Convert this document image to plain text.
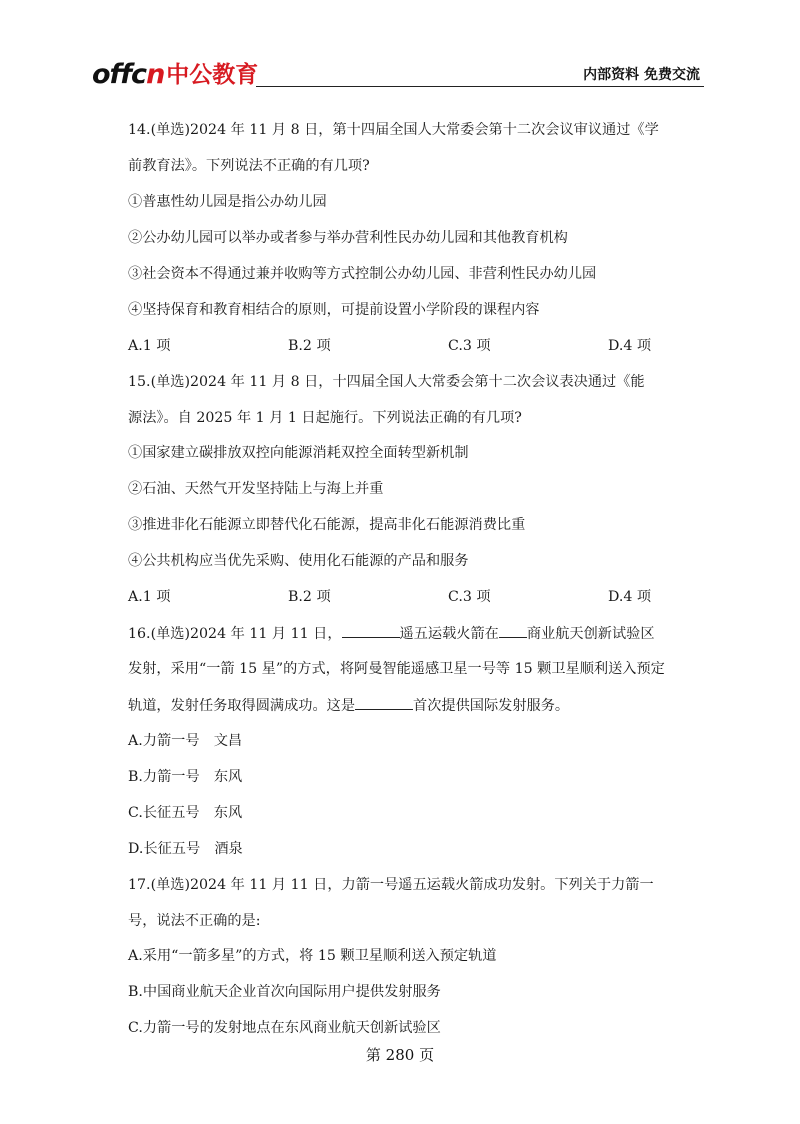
offcn 中公教育	内部资料 免费交流
14.(单选)2024 年 11 月 8 日，第十四届全国人大常委会第十二次会议审议通过《学
前教育法》。下列说法不正确的有几项?
①普惠性幼儿园是指公办幼儿园
②公办幼儿园可以举办或者参与举办营利性民办幼儿园和其他教育机构
③社会资本不得通过兼并收购等方式控制公办幼儿园、非营利性民办幼儿园
④坚持保育和教育相结合的原则，可提前设置小学阶段的课程内容
A.1 项	B.2 项	C.3 项	D.4 项
15.(单选)2024 年 11 月 8 日，十四届全国人大常委会第十二次会议表决通过《能
源法》。自 2025 年 1 月 1 日起施行。下列说法正确的有几项?
①国家建立碳排放双控向能源消耗双控全面转型新机制
②石油、天然气开发坚持陆上与海上并重
③推进非化石能源立即替代化石能源，提高非化石能源消费比重
④公共机构应当优先采购、使用化石能源的产品和服务
A.1 项	B.2 项	C.3 项	D.4 项
16.(单选)2024 年 11 月 11 日，	遥五运载火箭在 商业航天创新试验区
发射，采用“一箭 15 星”的方式，将阿曼智能遥感卫星一号等 15 颗卫星顺利送入预定
轨道，发射任务取得圆满成功。这是	首次提供国际发射服务。
A.力箭一号　文昌
B.力箭一号　东风
C.长征五号　东风
D.长征五号　酒泉
17.(单选)2024 年 11 月 11 日，力箭一号遥五运载火箭成功发射。下列关于力箭一
号，说法不正确的是:
A.采用“一箭多星”的方式，将 15 颗卫星顺利送入预定轨道
B.中国商业航天企业首次向国际用户提供发射服务
C.力箭一号的发射地点在东风商业航天创新试验区
第 280 页
